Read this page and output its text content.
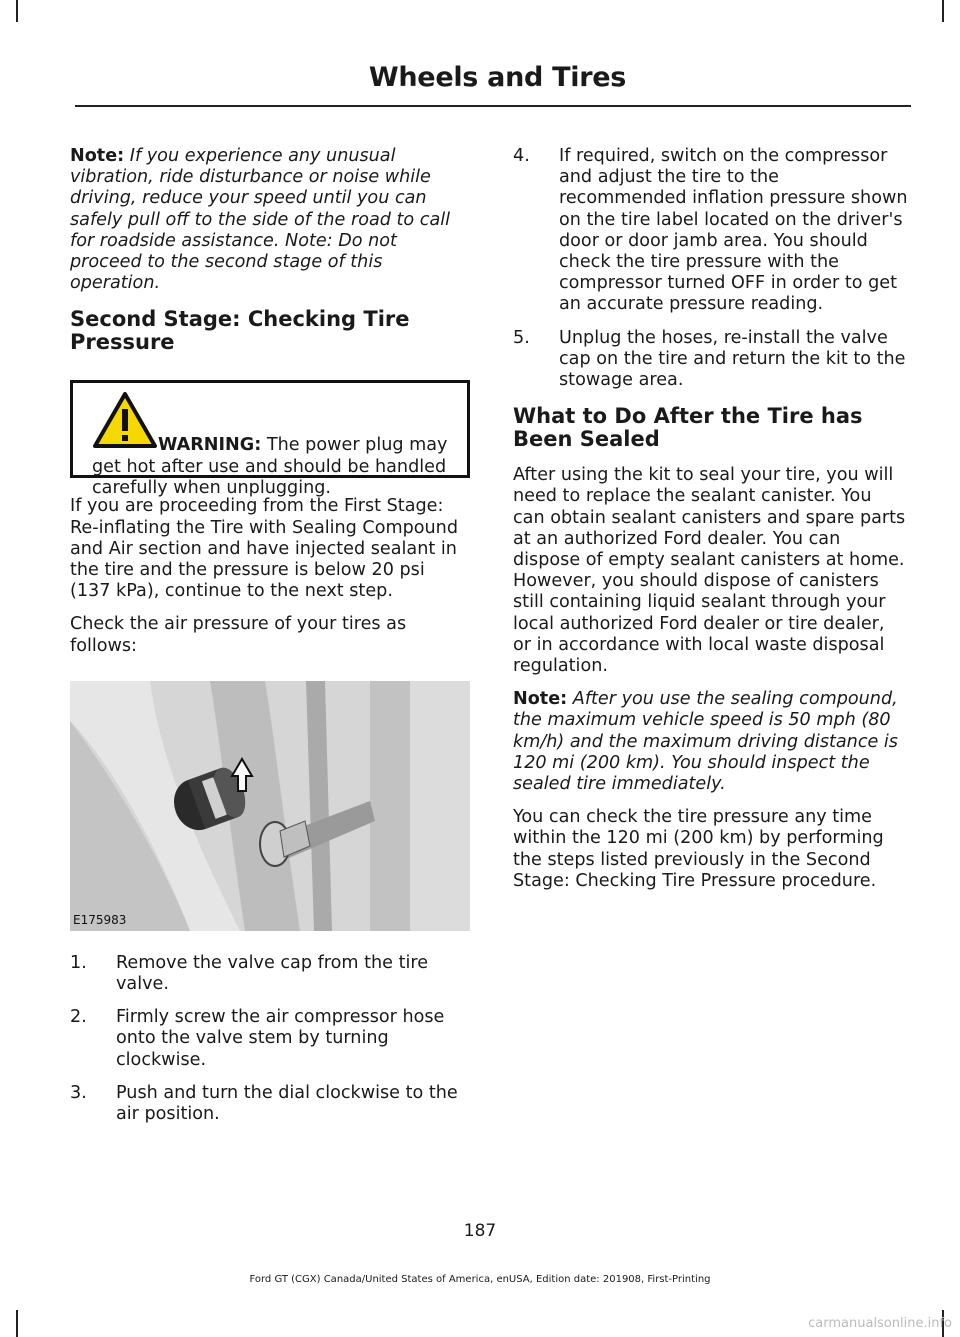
Wheels and Tires

Note: If you experience any unusual vibration, ride disturbance or noise while driving, reduce your speed until you can safely pull off to the side of the road to call for roadside assistance. Note: Do not proceed to the second stage of this operation.

Second Stage: Checking Tire Pressure
WARNING: The power plug may get hot after use and should be handled carefully when unplugging.

If you are proceeding from the First Stage: Re-inflating the Tire with Sealing Compound and Air section and have injected sealant in the tire and the pressure is below 20 psi (137 kPa), continue to the next step.

Check the air pressure of your tires as follows:

E175983
1. Remove the valve cap from the tire valve.
2. Firmly screw the air compressor hose onto the valve stem by turning clockwise.
3. Push and turn the dial clockwise to the air position.
4. If required, switch on the compressor and adjust the tire to the recommended inflation pressure shown on the tire label located on the driver's door or door jamb area. You should check the tire pressure with the compressor turned OFF in order to get an accurate pressure reading.
5. Unplug the hoses, re-install the valve cap on the tire and return the kit to the stowage area.
What to Do After the Tire has Been Sealed

After using the kit to seal your tire, you will need to replace the sealant canister. You can obtain sealant canisters and spare parts at an authorized Ford dealer. You can dispose of empty sealant canisters at home. However, you should dispose of canisters still containing liquid sealant through your local authorized Ford dealer or tire dealer, or in accordance with local waste disposal regulation.

Note: After you use the sealing compound, the maximum vehicle speed is 50 mph (80 km/h) and the maximum driving distance is 120 mi (200 km). You should inspect the sealed tire immediately.

You can check the tire pressure any time within the 120 mi (200 km) by performing the steps listed previously in the Second Stage: Checking Tire Pressure procedure.

187
Ford GT (CGX) Canada/United States of America, enUSA, Edition date: 201908, First-Printing
carmanualsonline.info
